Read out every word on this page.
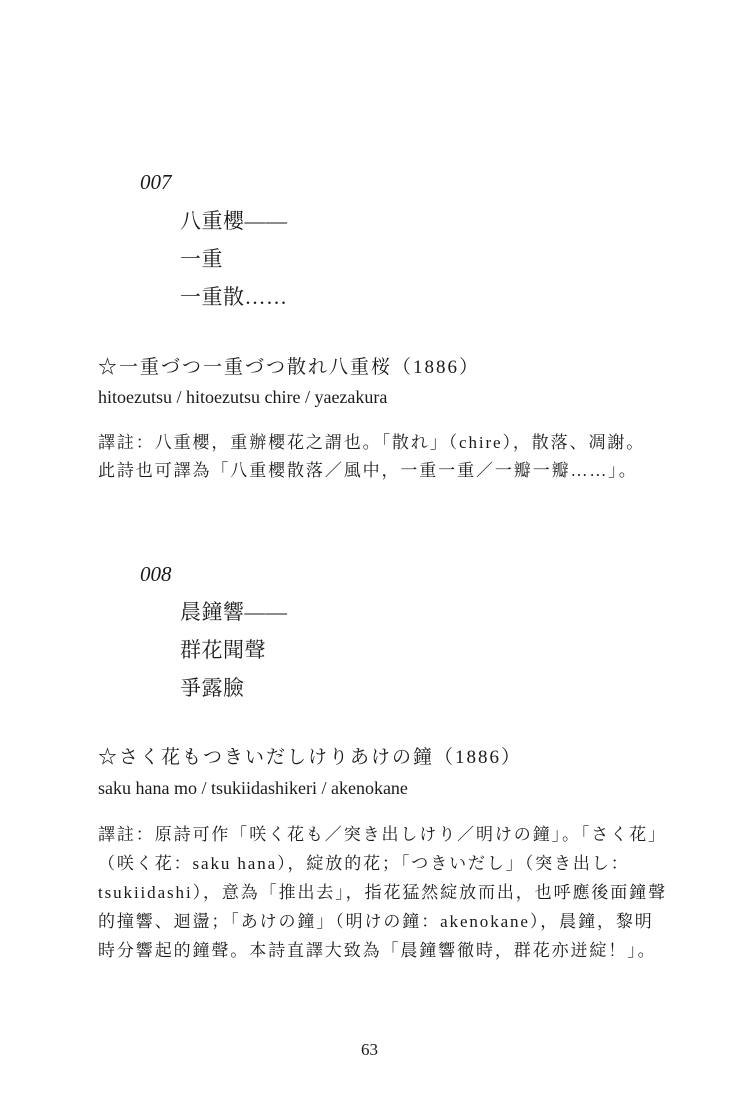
007
八重櫻——
一重
一重散……
☆一重づつ一重づつ散れ八重桜（1886）
hitoezutsu / hitoezutsu chire / yaezakura
譯註：八重櫻，重辦櫻花之謂也。「散れ」（chire），散落、凋謝。
此詩也可譯為「八重櫻散落／風中，一重一重／一瓣一瓣……」。
008
晨鐘響——
群花聞聲
爭露臉
☆さく花もつきいだしけりあけの鐘（1886）
saku hana mo / tsukiidashikeri / akenokane
譯註：原詩可作「咲く花も／突き出しけり／明けの鐘」。「さく花」
（咲く花：saku hana），綻放的花；「つきいだし」（突き出し：
tsukiidashi），意為「推出去」，指花猛然綻放而出，也呼應後面鐘聲
的撞響、迴盪；「あけの鐘」（明けの鐘：akenokane），晨鐘，黎明
時分響起的鐘聲。本詩直譯大致為「晨鐘響徹時，群花亦迸綻！」。
63
